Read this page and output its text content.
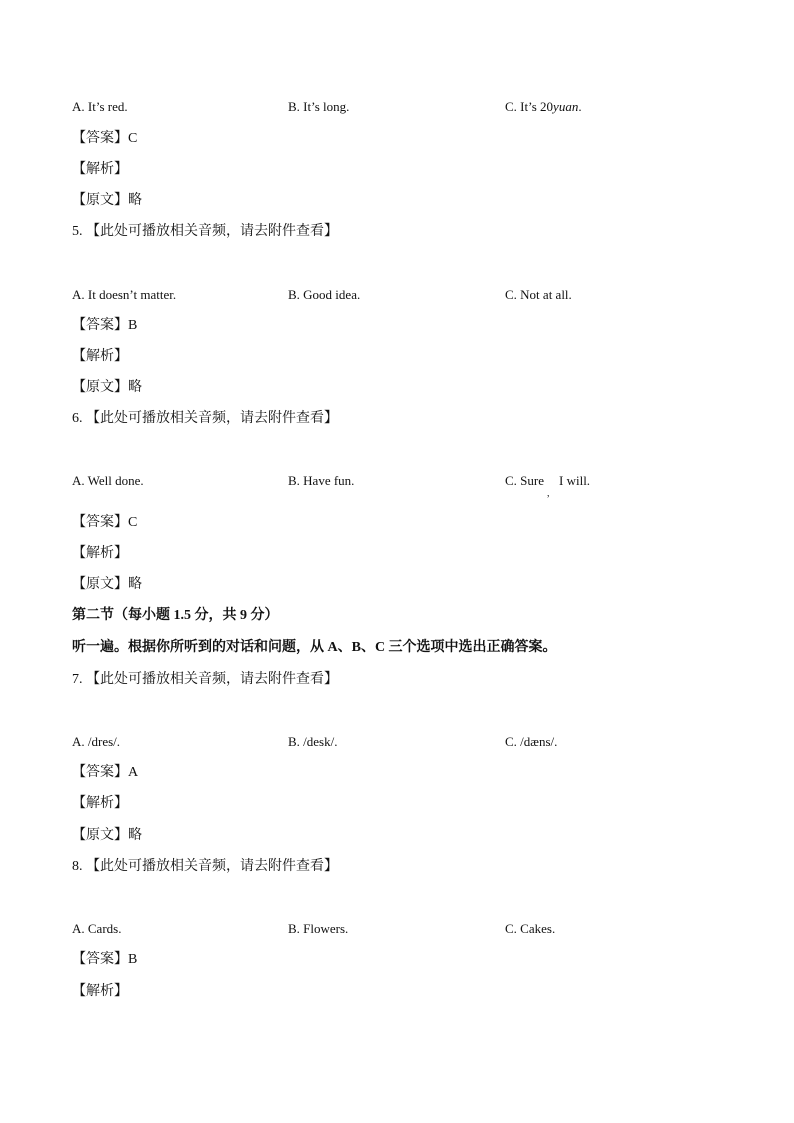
A. It’s red.	B. It’s long.	C. It’s 20yuan.
【答案】C
【解析】
【原文】略
5. 【此处可播放相关音频，请去附件查看】
A. It doesn’t matter.	B. Good idea.	C. Not at all.
【答案】B
【解析】
【原文】略
6. 【此处可播放相关音频，请去附件查看】
A. Well done.	B. Have fun.	C. Sure
,
I will.
【答案】C
【解析】
【原文】略
第二节（每小题 1.5 分，共 9 分）
听一遍。根据你所听到的对话和问题，从 A、B、C 三个选项中选出正确答案。
7. 【此处可播放相关音频，请去附件查看】
A. /dres/.	B. /desk/.	C. /dæns/.
【答案】A
【解析】
【原文】略
8. 【此处可播放相关音频，请去附件查看】
A. Cards.	B. Flowers.	C. Cakes.
【答案】B
【解析】
